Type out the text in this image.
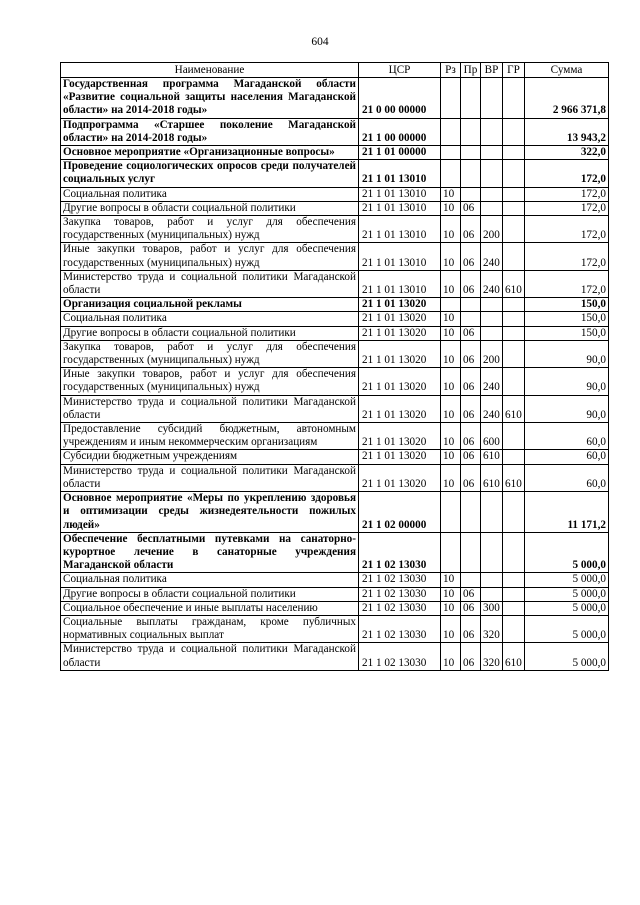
604
Наименование	ЦСР	Рз	Пр	ВР	ГР	Сумма
Государственная программа Магаданской области «Развитие социальной защиты населения Магаданской области» на 2014-2018 годы»	21 0 00 00000					2 966 371,8
Подпрограмма «Старшее поколение Магаданской области» на 2014-2018 годы»	21 1 00 00000					13 943,2
Основное мероприятие «Организационные вопросы»	21 1 01 00000					322,0
Проведение социологических опросов среди получателей социальных услуг	21 1 01 13010					172,0
Социальная политика	21 1 01 13010	10				172,0
Другие вопросы в области социальной политики	21 1 01 13010	10	06			172,0
Закупка товаров, работ и услуг для обеспечения государственных (муниципальных) нужд	21 1 01 13010	10	06	200		172,0
Иные закупки товаров, работ и услуг для обеспечения государственных (муниципальных) нужд	21 1 01 13010	10	06	240		172,0
Министерство труда и социальной политики Магаданской области	21 1 01 13010	10	06	240	610	172,0
Организация социальной рекламы	21 1 01 13020					150,0
Социальная политика	21 1 01 13020	10				150,0
Другие вопросы в области социальной политики	21 1 01 13020	10	06			150,0
Закупка товаров, работ и услуг для обеспечения государственных (муниципальных) нужд	21 1 01 13020	10	06	200		90,0
Иные закупки товаров, работ и услуг для обеспечения государственных (муниципальных) нужд	21 1 01 13020	10	06	240		90,0
Министерство труда и социальной политики Магаданской области	21 1 01 13020	10	06	240	610	90,0
Предоставление субсидий бюджетным, автономным учреждениям и иным некоммерческим организациям	21 1 01 13020	10	06	600		60,0
Субсидии бюджетным учреждениям	21 1 01 13020	10	06	610		60,0
Министерство труда и социальной политики Магаданской области	21 1 01 13020	10	06	610	610	60,0
Основное мероприятие «Меры по укреплению здоровья и оптимизации среды жизнедеятельности пожилых людей»	21 1 02 00000					11 171,2
Обеспечение бесплатными путевками на санаторно-курортное лечение в санаторные учреждения Магаданской области	21 1 02 13030					5 000,0
Социальная политика	21 1 02 13030	10				5 000,0
Другие вопросы в области социальной политики	21 1 02 13030	10	06			5 000,0
Социальное обеспечение и иные выплаты населению	21 1 02 13030	10	06	300		5 000,0
Социальные выплаты гражданам, кроме публичных нормативных социальных выплат	21 1 02 13030	10	06	320		5 000,0
Министерство труда и социальной политики Магаданской области	21 1 02 13030	10	06	320	610	5 000,0
